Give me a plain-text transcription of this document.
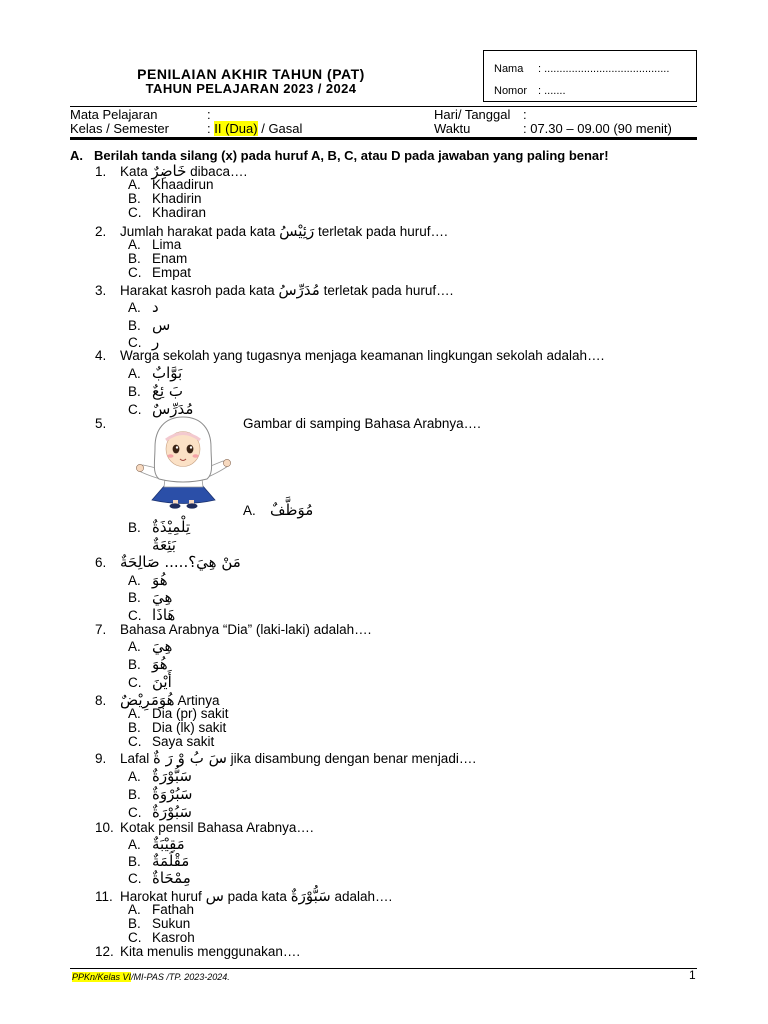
PENILAIAN AKHIR TAHUN (PAT)
TAHUN PELAJARAN 2023 / 2024
Nama : .........................................
Nomor : .......
Mata Pelajaran	:	Hari/ Tanggal :
Kelas / Semester	: II (Dua) / Gasal	Waktu	: 07.30 – 09.00 (90 menit)
A. Berilah tanda silang (x) pada huruf A, B, C, atau D pada jawaban yang paling benar!
1. Kata خَاضِرٌ dibaca….
A. Khaadirun
B. Khadirin
C. Khadiran
2. Jumlah harakat pada kata رَئِيْسُ terletak pada huruf….
A. Lima
B. Enam
C. Empat
3. Harakat kasroh pada kata مُدَرِّسُ terletak pada huruf….
A. د
B. س
C. ر
4. Warga sekolah yang tugasnya menjaga keamanan lingkungan sekolah adalah….
A. بَوَّابٌ
B. بَ ئِعٌ
C. مُدَرِّسٌ
5.	Gambar di samping Bahasa Arabnya….
A. مُوَظَّفٌ
B. تِلْمِيْذَةٌ
بَئِعَةٌ
6. مَنْ هِيَ؟..... صَالِحَةٌ
A. هُوَ
B. هِيَ
C. هَاذَا
7. Bahasa Arabnya “Dia” (laki-laki) adalah….
A. هِيَ
B. هُوَ
C. أَيْنَ
8. هُوَمَرِيْضٌ Artinya
A. Dia (pr) sakit
B. Dia (lk) sakit
C. Saya sakit
9. Lafal سَ بُ وْ رَ ةٌ jika disambung dengan benar menjadi….
A. سَبُّوْرَةٌ
B. سَبُرْوَةٌ
C. سَبُوْرَةٌ
10. Kotak pensil Bahasa Arabnya….
A. مَقِيْبَةٌ
B. مَقْلَمَةٌ
C. مِمْحَاةٌ
11. Harokat huruf س pada kata سَبُّوْرَةٌ adalah….
A. Fathah
B. Sukun
C. Kasroh
12. Kita menulis menggunakan….
PPKn/Kelas VI/MI-PAS /TP. 2023-2024.	1
